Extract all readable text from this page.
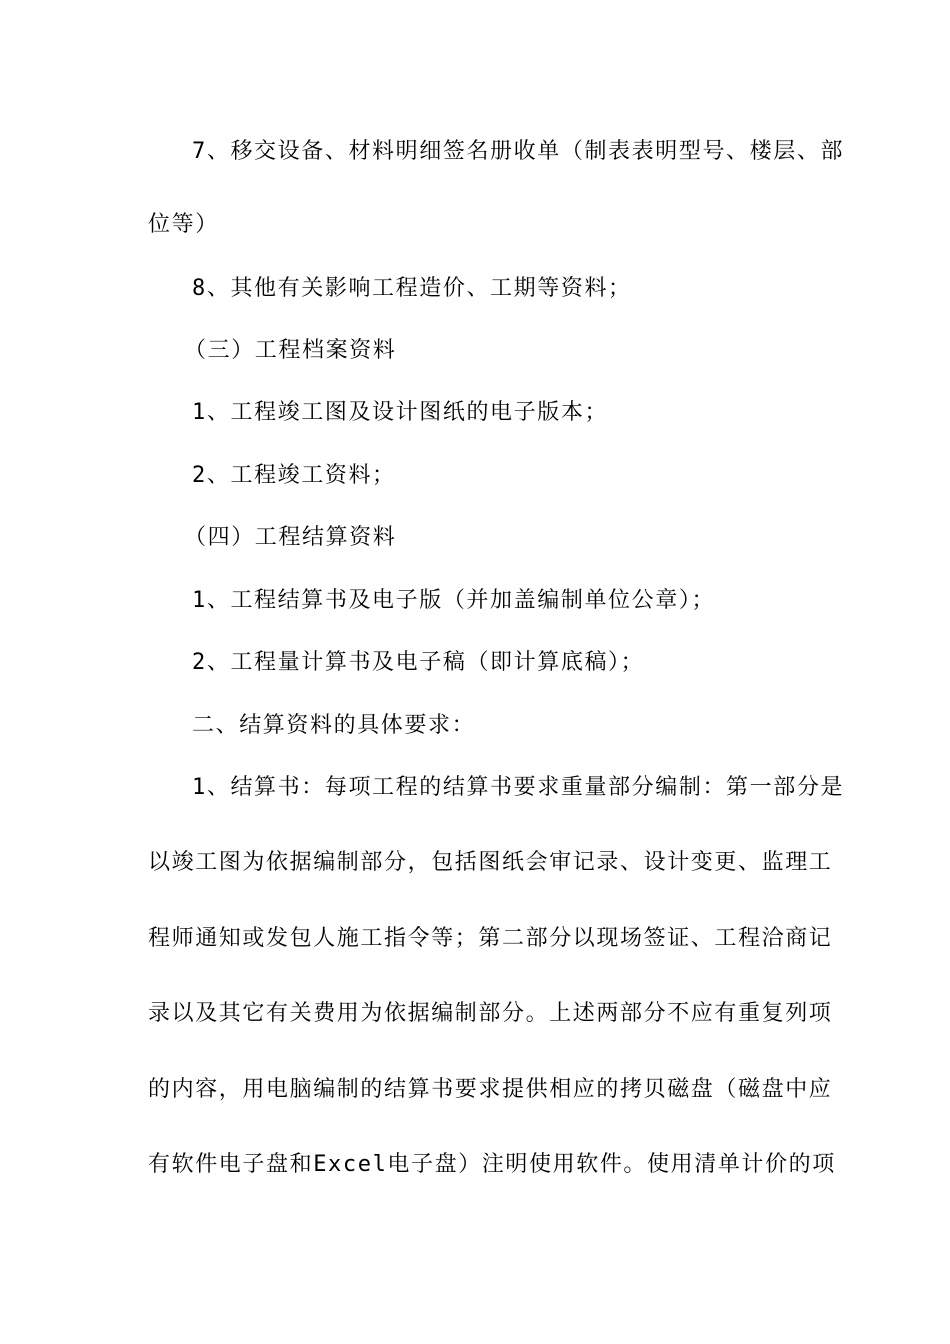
7、移交设备、材料明细签名册收单（制表表明型号、楼层、部
位等）
8、其他有关影响工程造价、工期等资料；
（三）工程档案资料
1、工程竣工图及设计图纸的电子版本；
2、工程竣工资料；
（四）工程结算资料
1、工程结算书及电子版（并加盖编制单位公章）；
2、工程量计算书及电子稿（即计算底稿）；
二、结算资料的具体要求：
1、结算书：每项工程的结算书要求重量部分编制：第一部分是
以竣工图为依据编制部分，包括图纸会审记录、设计变更、监理工
程师通知或发包人施工指令等；第二部分以现场签证、工程洽商记
录以及其它有关费用为依据编制部分。上述两部分不应有重复列项
的内容，用电脑编制的结算书要求提供相应的拷贝磁盘（磁盘中应
有软件电子盘和Excel电子盘）注明使用软件。使用清单计价的项
